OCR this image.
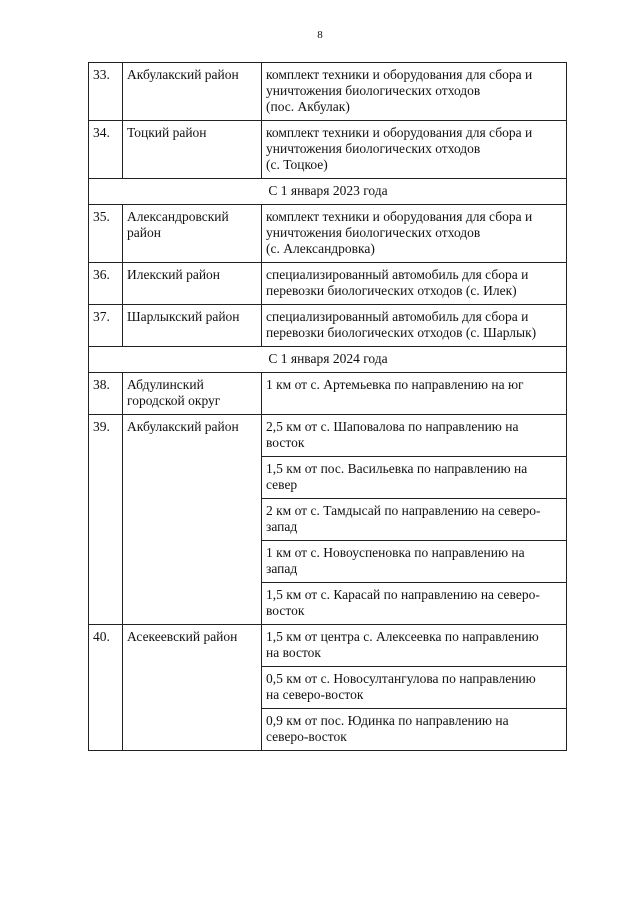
8
33.	Акбулакский район	комплект техники и оборудования для сбора и
уничтожения биологических отходов
(пос. Акбулак)

34.	Тоцкий район	комплект техники и оборудования для сбора и
уничтожения биологических отходов
(с. Тоцкое)

С 1 января 2023 года		
35.	Александровский
район	комплект техники и оборудования для сбора и
уничтожения биологических отходов
(с. Александровка)

36.	Илекский район	специализированный автомобиль для сбора и
перевозки биологических отходов (с. Илек)

37.	Шарлыкский район	специализированный автомобиль для сбора и
перевозки биологических отходов (с. Шарлык)

С 1 января 2024 года		
38.	Абдулинский
городской округ	1 км от с. Артемьевка по направлению на юг

39.	Акбулакский район	2,5 км от с. Шаповалова по направлению на
восток

		1,5 км от пос. Васильевка по направлению на
север

		2 км от с. Тамдысай по направлению на северо-
запад

		1 км от с. Новоуспеновка по направлению на
запад

		1,5 км от с. Карасай по направлению на северо-
восток

40.	Асекеевский район	1,5 км от центра с. Алексеевка по направлению
на восток

		0,5 км от с. Новосултангулова по направлению
на северо-восток

		0,9 км от пос. Юдинка по направлению на
северо-восток
